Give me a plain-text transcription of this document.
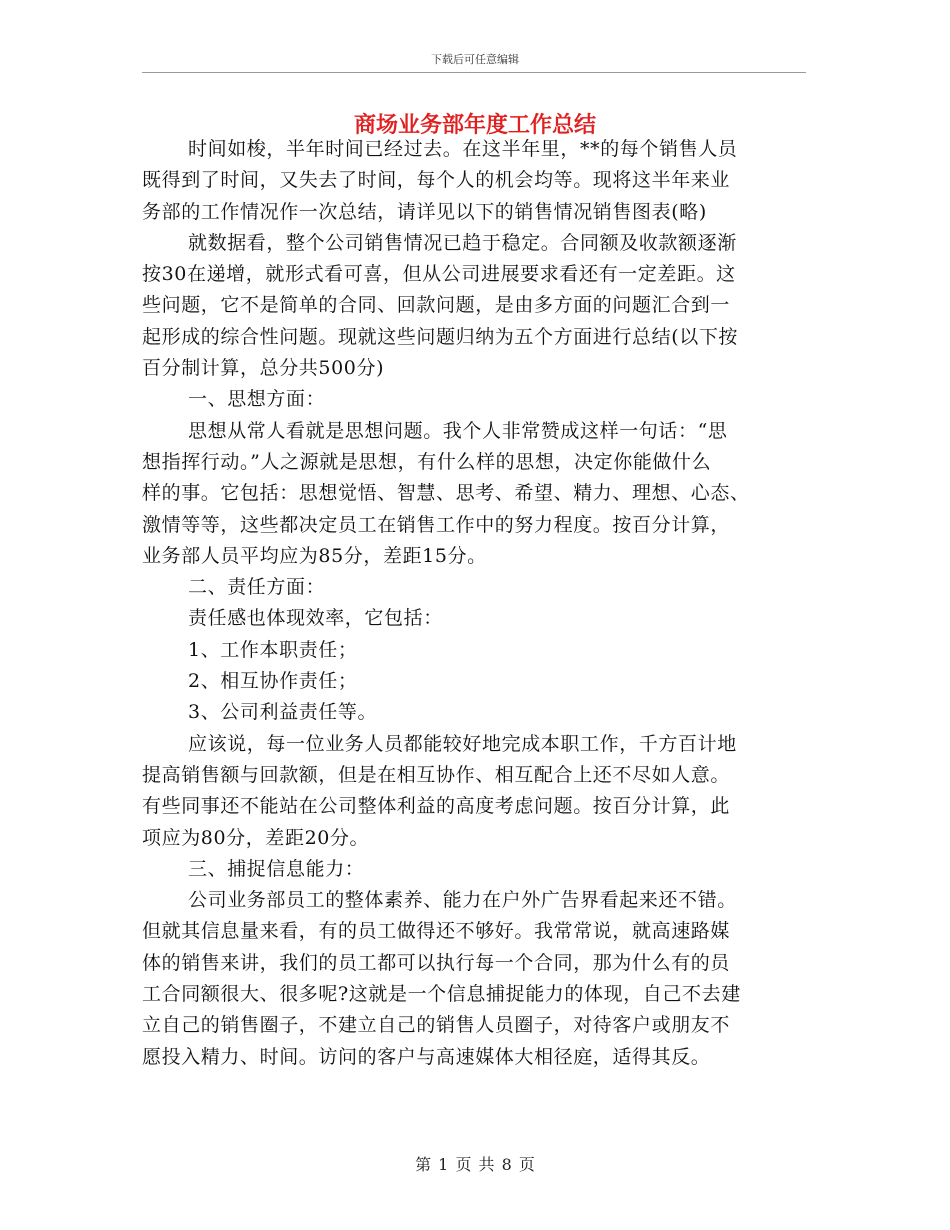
下载后可任意编辑
商场业务部年度工作总结
时间如梭，半年时间已经过去。在这半年里，**的每个销售人员
既得到了时间，又失去了时间，每个人的机会均等。现将这半年来业
务部的工作情况作一次总结，请详见以下的销售情况销售图表(略)
就数据看，整个公司销售情况已趋于稳定。合同额及收款额逐渐
按30在递增，就形式看可喜，但从公司进展要求看还有一定差距。这
些问题，它不是简单的合同、回款问题，是由多方面的问题汇合到一
起形成的综合性问题。现就这些问题归纳为五个方面进行总结(以下按
百分制计算，总分共500分)
一、思想方面：
思想从常人看就是思想问题。我个人非常赞成这样一句话：“思
想指挥行动。”人之源就是思想，有什么样的思想，决定你能做什么
样的事。它包括：思想觉悟、智慧、思考、希望、精力、理想、心态、
激情等等，这些都决定员工在销售工作中的努力程度。按百分计算，
业务部人员平均应为85分，差距15分。
二、责任方面：
责任感也体现效率，它包括：
1、工作本职责任；
2、相互协作责任；
3、公司利益责任等。
应该说，每一位业务人员都能较好地完成本职工作，千方百计地
提高销售额与回款额，但是在相互协作、相互配合上还不尽如人意。
有些同事还不能站在公司整体利益的高度考虑问题。按百分计算，此
项应为80分，差距20分。
三、捕捉信息能力：
公司业务部员工的整体素养、能力在户外广告界看起来还不错。
但就其信息量来看，有的员工做得还不够好。我常常说，就高速路媒
体的销售来讲，我们的员工都可以执行每一个合同，那为什么有的员
工合同额很大、很多呢?这就是一个信息捕捉能力的体现，自己不去建
立自己的销售圈子，不建立自己的销售人员圈子，对待客户或朋友不
愿投入精力、时间。访问的客户与高速媒体大相径庭，适得其反。
第 1 页 共 8 页
